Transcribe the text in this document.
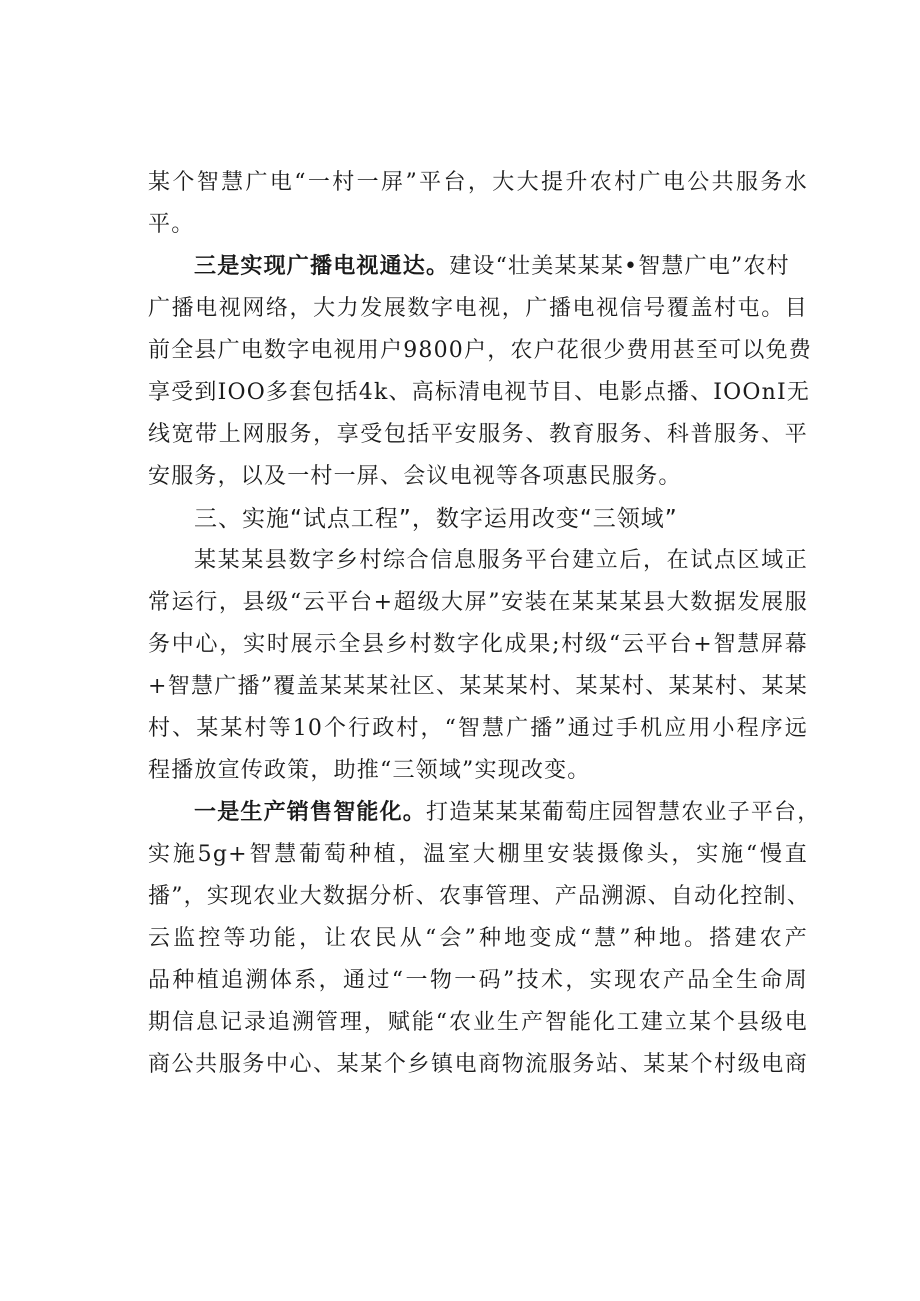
某个智慧广电“一村一屏”平台，大大提升农村广电公共服务水
平。
三是实现广播电视通达。建设“壮美某某某•智慧广电”农村
广播电视网络，大力发展数字电视，广播电视信号覆盖村屯。目
前全县广电数字电视用户9800户，农户花很少费用甚至可以免费
享受到IOO多套包括4k、高标清电视节目、电影点播、IOOnI无
线宽带上网服务，享受包括平安服务、教育服务、科普服务、平
安服务，以及一村一屏、会议电视等各项惠民服务。
三、实施“试点工程”，数字运用改变“三领域”
某某某县数字乡村综合信息服务平台建立后，在试点区域正
常运行，县级“云平台+超级大屏”安装在某某某县大数据发展服
务中心，实时展示全县乡村数字化成果;村级“云平台+智慧屏幕
+智慧广播”覆盖某某某社区、某某某村、某某村、某某村、某某
村、某某村等10个行政村，“智慧广播”通过手机应用小程序远
程播放宣传政策，助推“三领域”实现改变。
一是生产销售智能化。打造某某某葡萄庄园智慧农业子平台，
实施5g+智慧葡萄种植，温室大棚里安装摄像头，实施“慢直
播”，实现农业大数据分析、农事管理、产品溯源、自动化控制、
云监控等功能，让农民从“会”种地变成“慧”种地。搭建农产
品种植追溯体系，通过“一物一码”技术，实现农产品全生命周
期信息记录追溯管理，赋能“农业生产智能化工建立某个县级电
商公共服务中心、某某个乡镇电商物流服务站、某某个村级电商
